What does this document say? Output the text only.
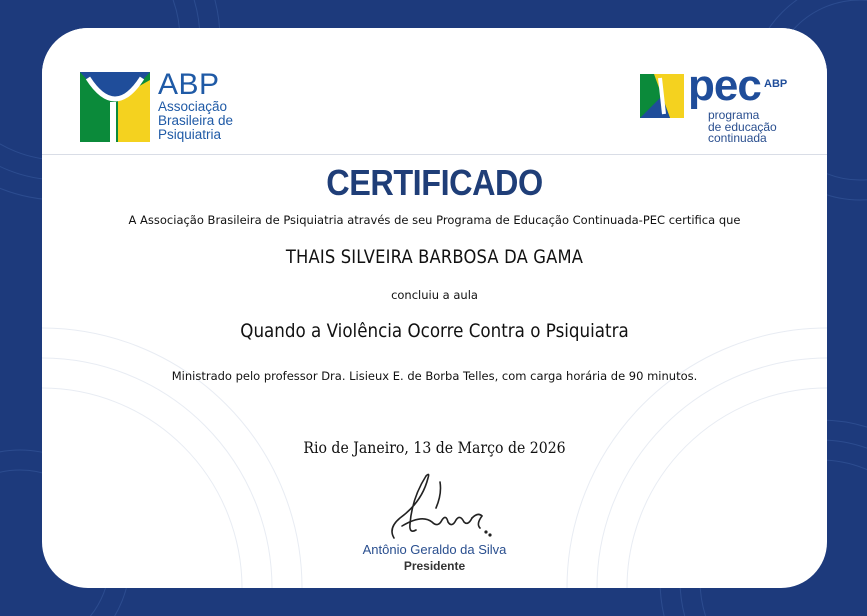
ABP
Associação
Brasileira de
Psiquiatria
pec ABP
programa
de educação
continuada
CERTIFICADO
A Associação Brasileira de Psiquiatria através de seu Programa de Educação Continuada-PEC certifica que
THAIS SILVEIRA BARBOSA DA GAMA
concluiu a aula
Quando a Violência Ocorre Contra o Psiquiatra
Ministrado pelo professor Dra. Lisieux E. de Borba Telles, com carga horária de 90 minutos.
Rio de Janeiro, 13 de Março de 2026
Antônio Geraldo da Silva
Presidente
